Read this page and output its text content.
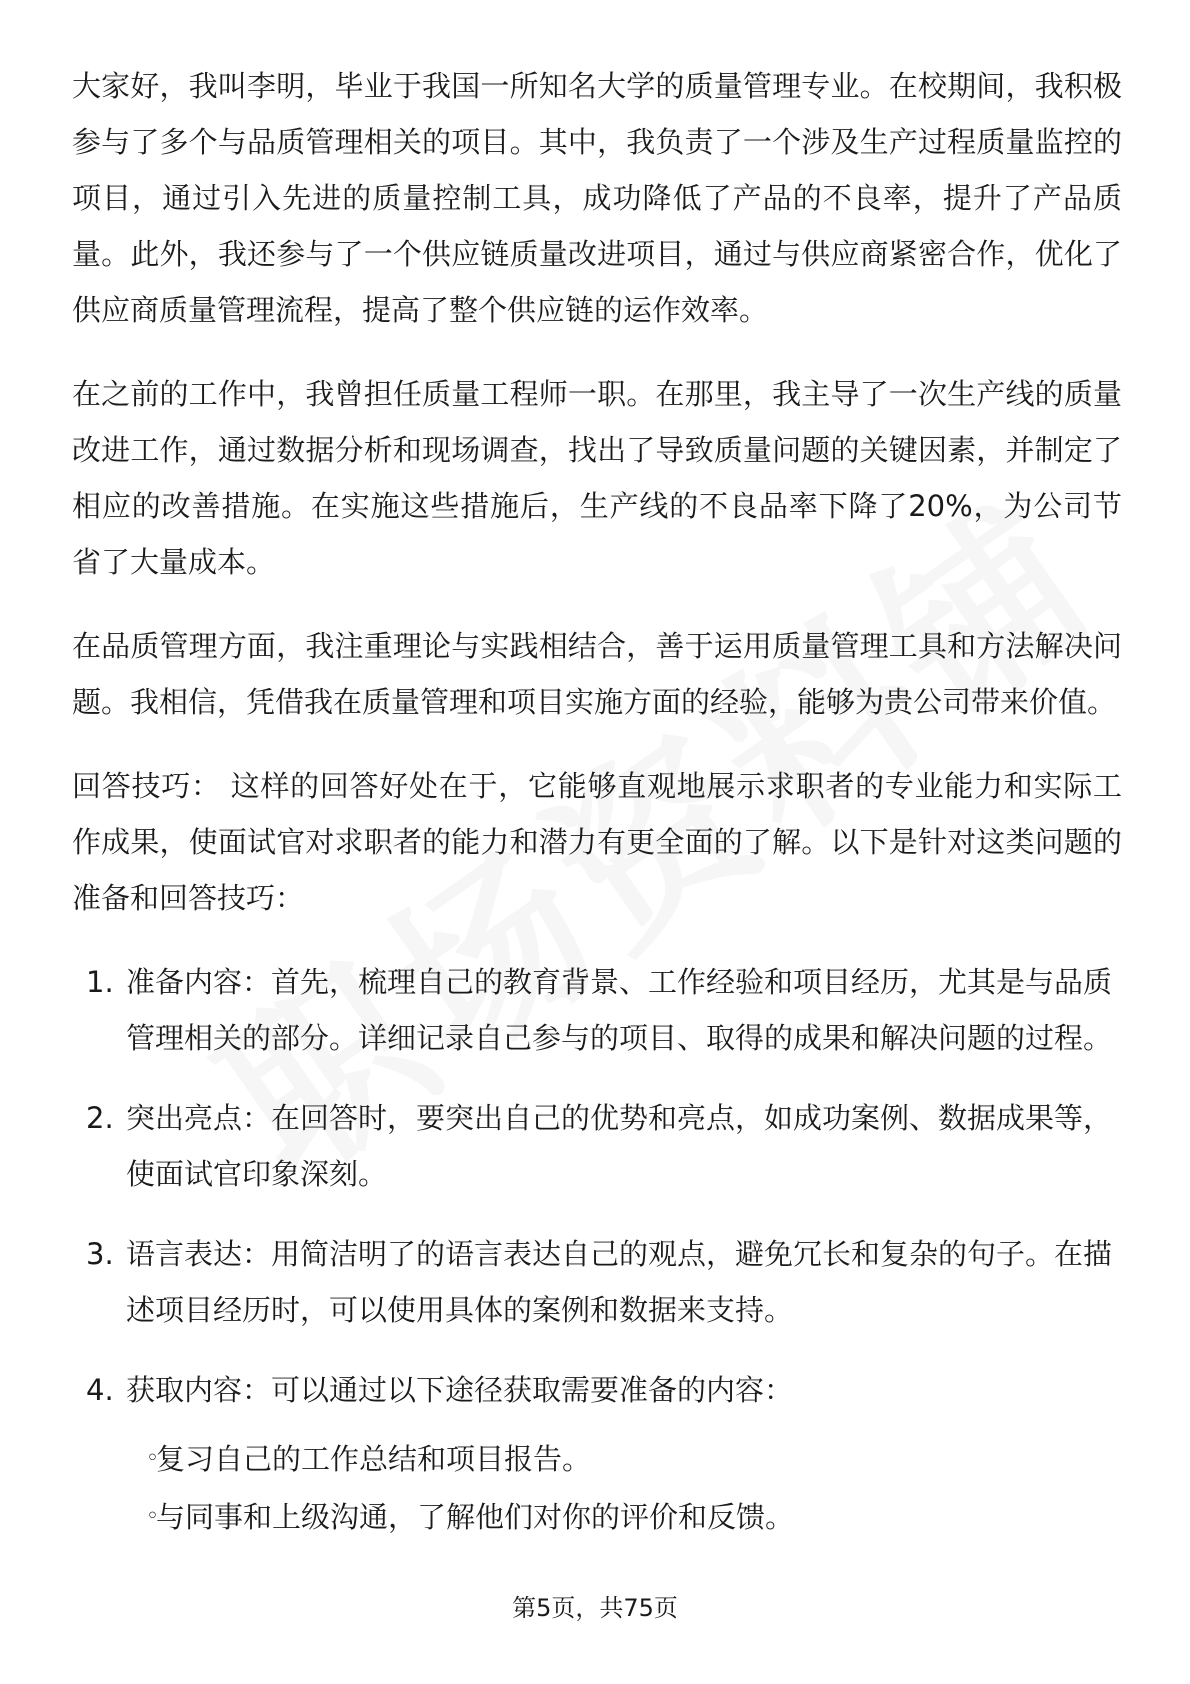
大家好，我叫李明，毕业于我国一所知名大学的质量管理专业。在校期间，我积极参与了多个与品质管理相关的项目。其中，我负责了一个涉及生产过程质量监控的项目，通过引入先进的质量控制工具，成功降低了产品的不良率，提升了产品质量。此外，我还参与了一个供应链质量改进项目，通过与供应商紧密合作，优化了供应商质量管理流程，提高了整个供应链的运作效率。

在之前的工作中，我曾担任质量工程师一职。在那里，我主导了一次生产线的质量改进工作，通过数据分析和现场调查，找出了导致质量问题的关键因素，并制定了相应的改善措施。在实施这些措施后，生产线的不良品率下降了20%，为公司节省了大量成本。

在品质管理方面，我注重理论与实践相结合，善于运用质量管理工具和方法解决问题。我相信，凭借我在质量管理和项目实施方面的经验，能够为贵公司带来价值。

回答技巧： 这样的回答好处在于，它能够直观地展示求职者的专业能力和实际工作成果，使面试官对求职者的能力和潜力有更全面的了解。以下是针对这类问题的准备和回答技巧：

1. 准备内容：首先，梳理自己的教育背景、工作经验和项目经历，尤其是与品质管理相关的部分。详细记录自己参与的项目、取得的成果和解决问题的过程。
2. 突出亮点：在回答时，要突出自己的优势和亮点，如成功案例、数据成果等，使面试官印象深刻。
3. 语言表达：用简洁明了的语言表达自己的观点，避免冗长和复杂的句子。在描述项目经历时，可以使用具体的案例和数据来支持。
4. 获取内容：可以通过以下途径获取需要准备的内容：
◦
复习自己的工作总结和项目报告。
◦
与同事和上级沟通，了解他们对你的评价和反馈。
第5页，共75页
